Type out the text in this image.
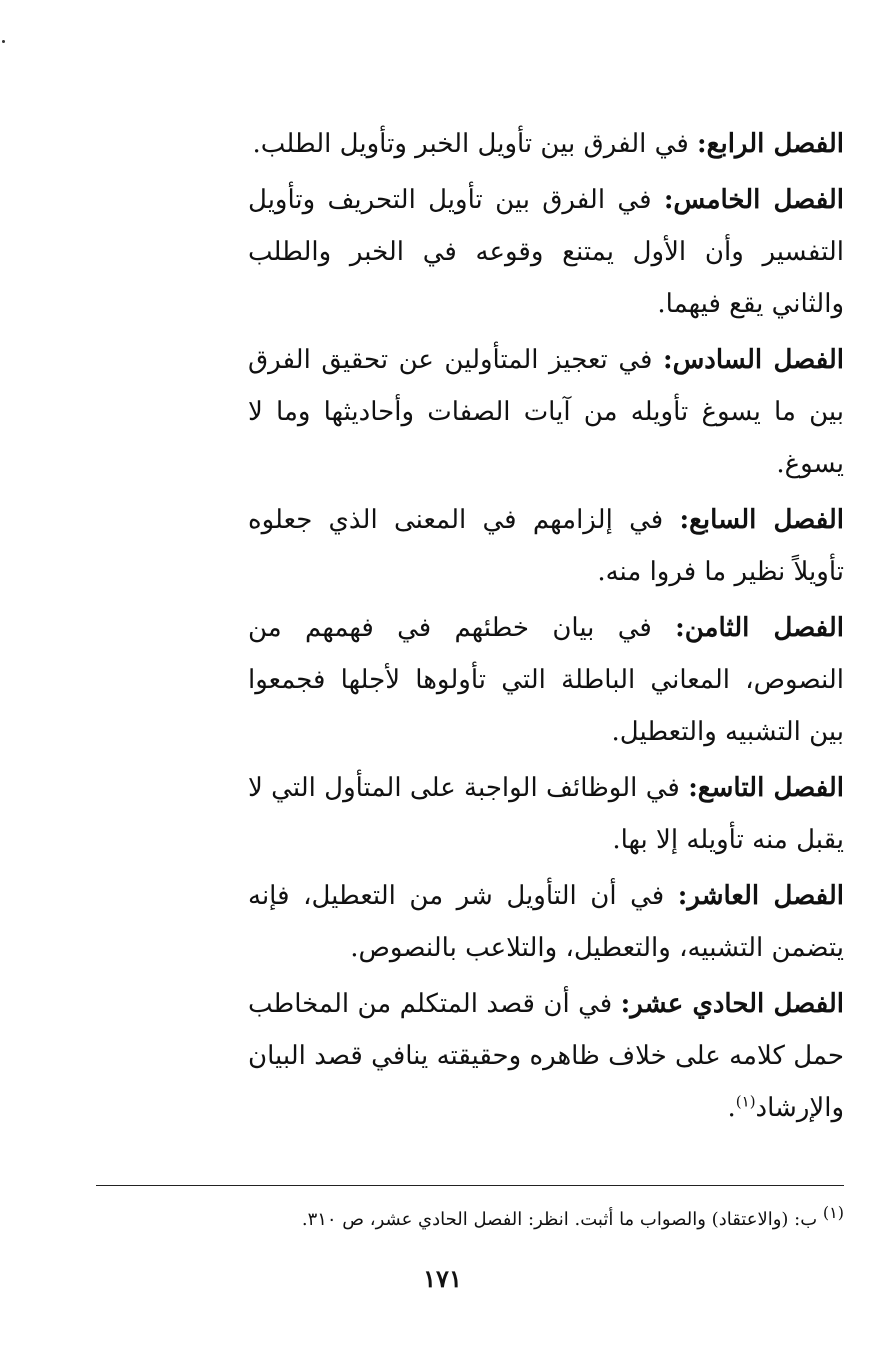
الفصل الرابع: في الفرق بين تأويل الخبر وتأويل الطلب.

الفصل الخامس: في الفرق بين تأويل التحريف وتأويل التفسير وأن الأول يمتنع وقوعه في الخبر والطلب والثاني يقع فيهما.

الفصل السادس: في تعجيز المتأولين عن تحقيق الفرق بين ما يسوغ تأويله من آيات الصفات وأحاديثها وما لا يسوغ.

الفصل السابع: في إلزامهم في المعنى الذي جعلوه تأويلاً نظير ما فروا منه.

الفصل الثامن: في بيان خطئهم في فهمهم من النصوص، المعاني الباطلة التي تأولوها لأجلها فجمعوا بين التشبيه والتعطيل.

الفصل التاسع: في الوظائف الواجبة على المتأول التي لا يقبل منه تأويله إلا بها.

الفصل العاشر: في أن التأويل شر من التعطيل، فإنه يتضمن التشبيه، والتعطيل، والتلاعب بالنصوص.

الفصل الحادي عشر: في أن قصد المتكلم من المخاطب حمل كلامه على خلاف ظاهره وحقيقته ينافي قصد البيان والإرشاد$^{(١)}$.

(١) ب: (والاعتقاد) والصواب ما أثبت. انظر: الفصل الحادي عشر، ص ٣١٠.
١٧١
